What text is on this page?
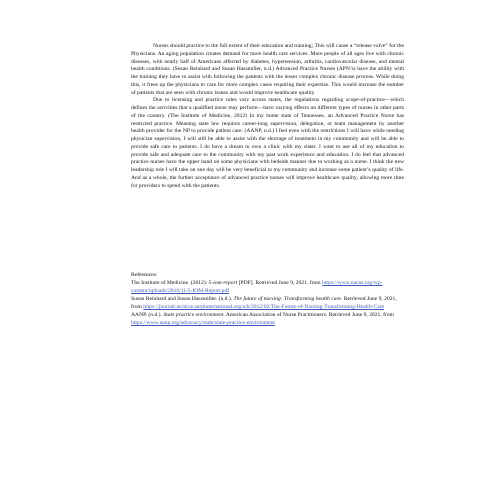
Nurses should practice to the full extent of their education and training; This will cause a “release valve” for the Physicians. An aging population creates demand for more health care services. More people of all ages live with chronic diseases, with nearly half of Americans affected by diabetes, hypertension, arthritis, cardiovascular disease, and mental health conditions. (Susan Reinhard and Susan Hassmiller, n.d.) Advanced Practice Nurses (APN’s) have the ability with the training they have to assist with following the patients with the lesser complex chronic disease process. While doing this, it frees up the physicians to care for more complex cases requiring their expertise. This would increase the number of patients that are seen with chronic issues and would improve healthcare quality.

Due to licensing and practice rules vary across states, the regulations regarding scope-of-practice—which defines the activities that a qualified nurse may perform—have varying effects on different types of nurses in other parts of the country. (The Institute of Medicine, 2012) In my home state of Tennessee, an Advanced Practice Nurse has restricted practice. Meaning state law requires career-long supervision, delegation, or team management by another health provider for the NP to provide patient care. (AANP, n.d.) I feel even with the restrictions I will have while needing physician supervision, I will still be able to assist with the shortage of treatment in my community and will be able to provide safe care to patients. I do have a dream to own a clinic with my sister. I want to use all of my education to provide safe and adequate care to the community with my past work experience and education. I do feel that advanced practice nurses have the upper hand on some physicians with bedside manner due to working as a nurse. I think the new leadership role I will take on one day will be very beneficial to my community and increase some patient’s quality of life. And as a whole, the further acceptance of advanced practice nurses will improve healthcare quality, allowing more time for providers to spend with the patients.

References:

The Institute of Medicine. (2012). 5-iom-report [PDF]. Retrieved June 9, 2021, from https://www.nacns.org/wp-content/uploads/2016/11/5-IOM-Report.pdf

Susan Reinhard and Susan Hassmiller. (n.d.). The future of nursing: Transforming health care. Retrieved June 9, 2021, from https://journal-archive.aarpinternational.org/a/b/2012/02/The-Future-of-Nursing-Transforming-Health-Care

AANP. (n.d.). State practice environment. American Association of Nurse Practitioners. Retrieved June 9, 2021, from https://www.aanp.org/advocacy/state/state-practice-environment
